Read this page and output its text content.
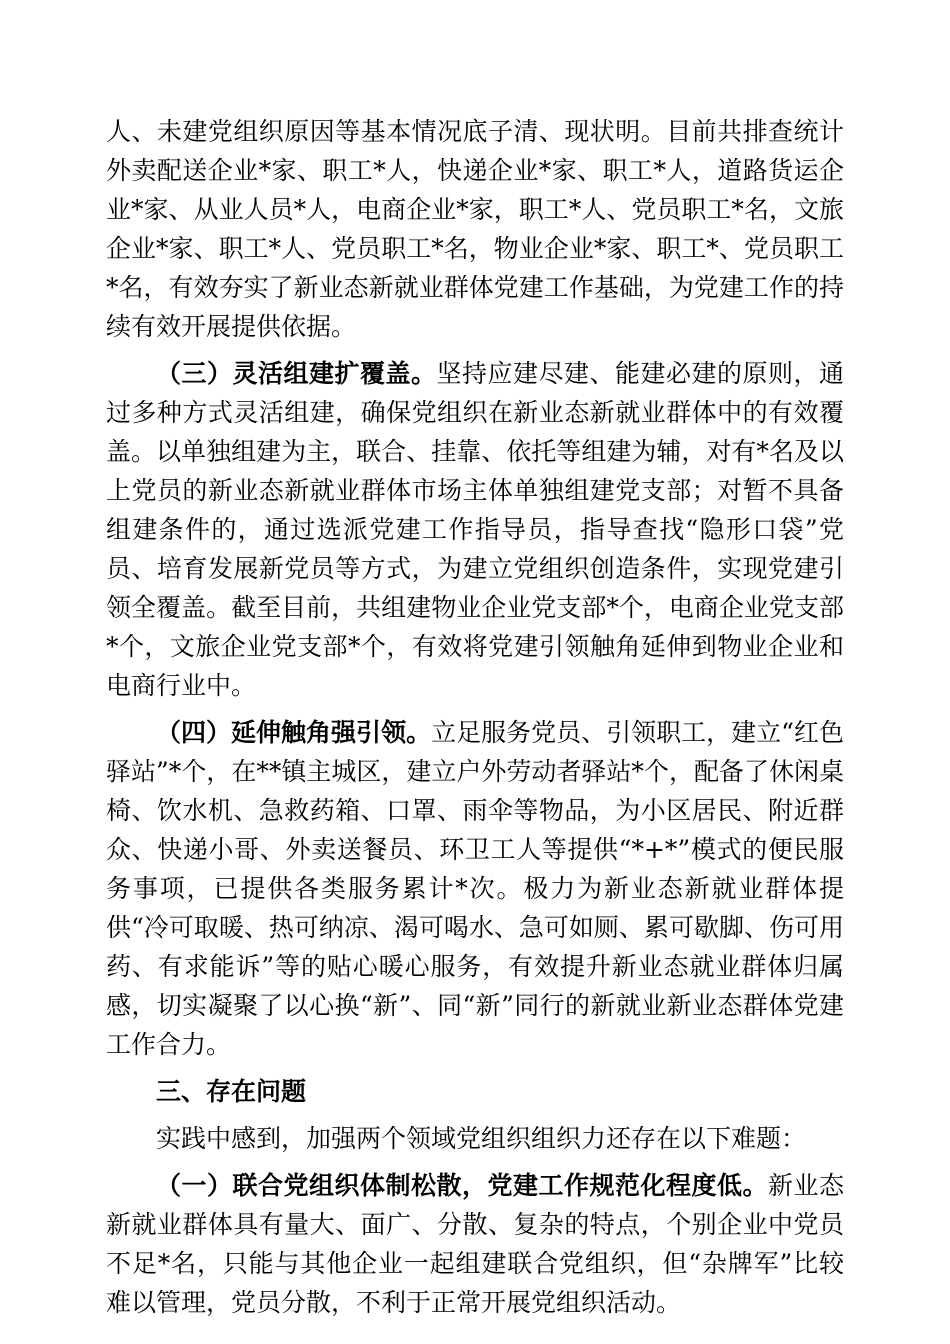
人、未建党组织原因等基本情况底子清、现状明。目前共排查统计外卖配送企业*家、职工*人，快递企业*家、职工*人，道路货运企业*家、从业人员*人，电商企业*家，职工*人、党员职工*名，文旅企业*家、职工*人、党员职工*名，物业企业*家、职工*、党员职工*名，有效夯实了新业态新就业群体党建工作基础，为党建工作的持续有效开展提供依据。

（三）灵活组建扩覆盖。坚持应建尽建、能建必建的原则，通过多种方式灵活组建，确保党组织在新业态新就业群体中的有效覆盖。以单独组建为主，联合、挂靠、依托等组建为辅，对有*名及以上党员的新业态新就业群体市场主体单独组建党支部；对暂不具备组建条件的，通过选派党建工作指导员，指导查找“隐形口袋”党员、培育发展新党员等方式，为建立党组织创造条件，实现党建引领全覆盖。截至目前，共组建物业企业党支部*个，电商企业党支部*个，文旅企业党支部*个，有效将党建引领触角延伸到物业企业和电商行业中。

（四）延伸触角强引领。立足服务党员、引领职工，建立“红色驿站”*个，在**镇主城区，建立户外劳动者驿站*个，配备了休闲桌椅、饮水机、急救药箱、口罩、雨伞等物品，为小区居民、附近群众、快递小哥、外卖送餐员、环卫工人等提供“*+*”模式的便民服务事项，已提供各类服务累计*次。极力为新业态新就业群体提供“冷可取暖、热可纳凉、渴可喝水、急可如厕、累可歇脚、伤可用药、有求能诉”等的贴心暖心服务，有效提升新业态就业群体归属感，切实凝聚了以心换“新”、同“新”同行的新就业新业态群体党建工作合力。

三、存在问题

实践中感到，加强两个领域党组织组织力还存在以下难题：

（一）联合党组织体制松散，党建工作规范化程度低。新业态新就业群体具有量大、面广、分散、复杂的特点，个别企业中党员不足*名，只能与其他企业一起组建联合党组织，但“杂牌军”比较难以管理，党员分散，不利于正常开展党组织活动。
